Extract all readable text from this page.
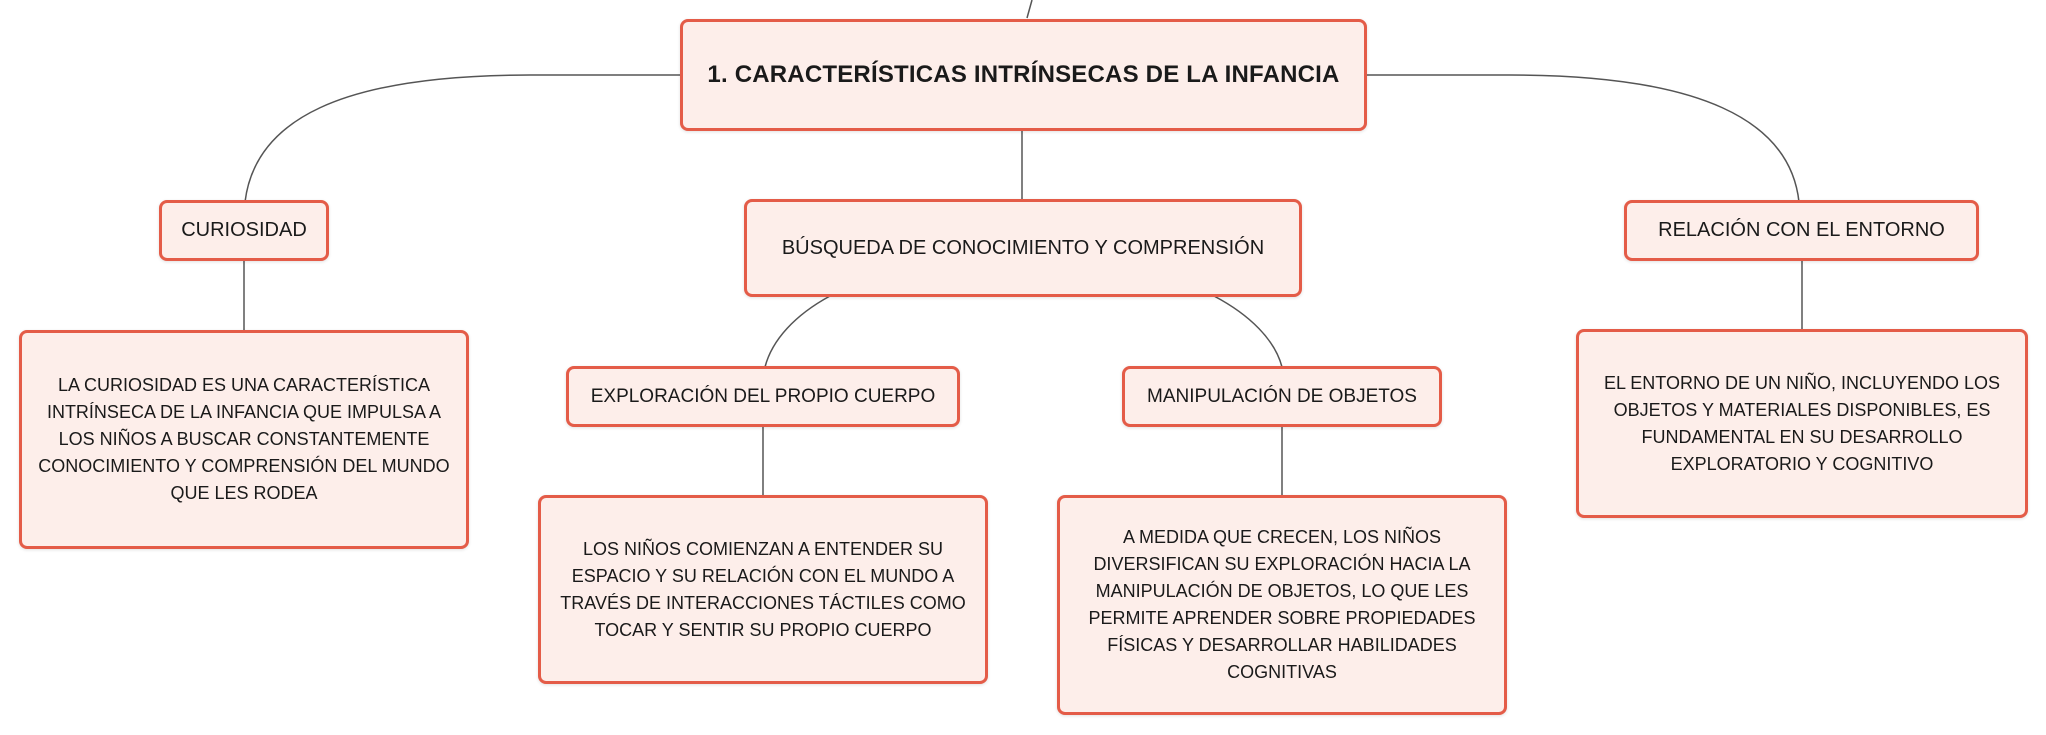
1. CARACTERÍSTICAS INTRÍNSECAS DE LA INFANCIA
CURIOSIDAD
BÚSQUEDA DE CONOCIMIENTO Y COMPRENSIÓN
RELACIÓN CON EL ENTORNO
LA CURIOSIDAD ES UNA CARACTERÍSTICA INTRÍNSECA DE LA INFANCIA QUE IMPULSA A LOS NIÑOS A BUSCAR CONSTANTEMENTE CONOCIMIENTO Y COMPRENSIÓN DEL MUNDO QUE LES RODEA
EXPLORACIÓN DEL PROPIO CUERPO	MANIPULACIÓN DE OBJETOS
EL ENTORNO DE UN NIÑO, INCLUYENDO LOS OBJETOS Y MATERIALES DISPONIBLES, ES FUNDAMENTAL EN SU DESARROLLO EXPLORATORIO Y COGNITIVO
LOS NIÑOS COMIENZAN A ENTENDER SU ESPACIO Y SU RELACIÓN CON EL MUNDO A TRAVÉS DE INTERACCIONES TÁCTILES COMO TOCAR Y SENTIR SU PROPIO CUERPO
A MEDIDA QUE CRECEN, LOS NIÑOS DIVERSIFICAN SU EXPLORACIÓN HACIA LA MANIPULACIÓN DE OBJETOS, LO QUE LES PERMITE APRENDER SOBRE PROPIEDADES FÍSICAS Y DESARROLLAR HABILIDADES COGNITIVAS
